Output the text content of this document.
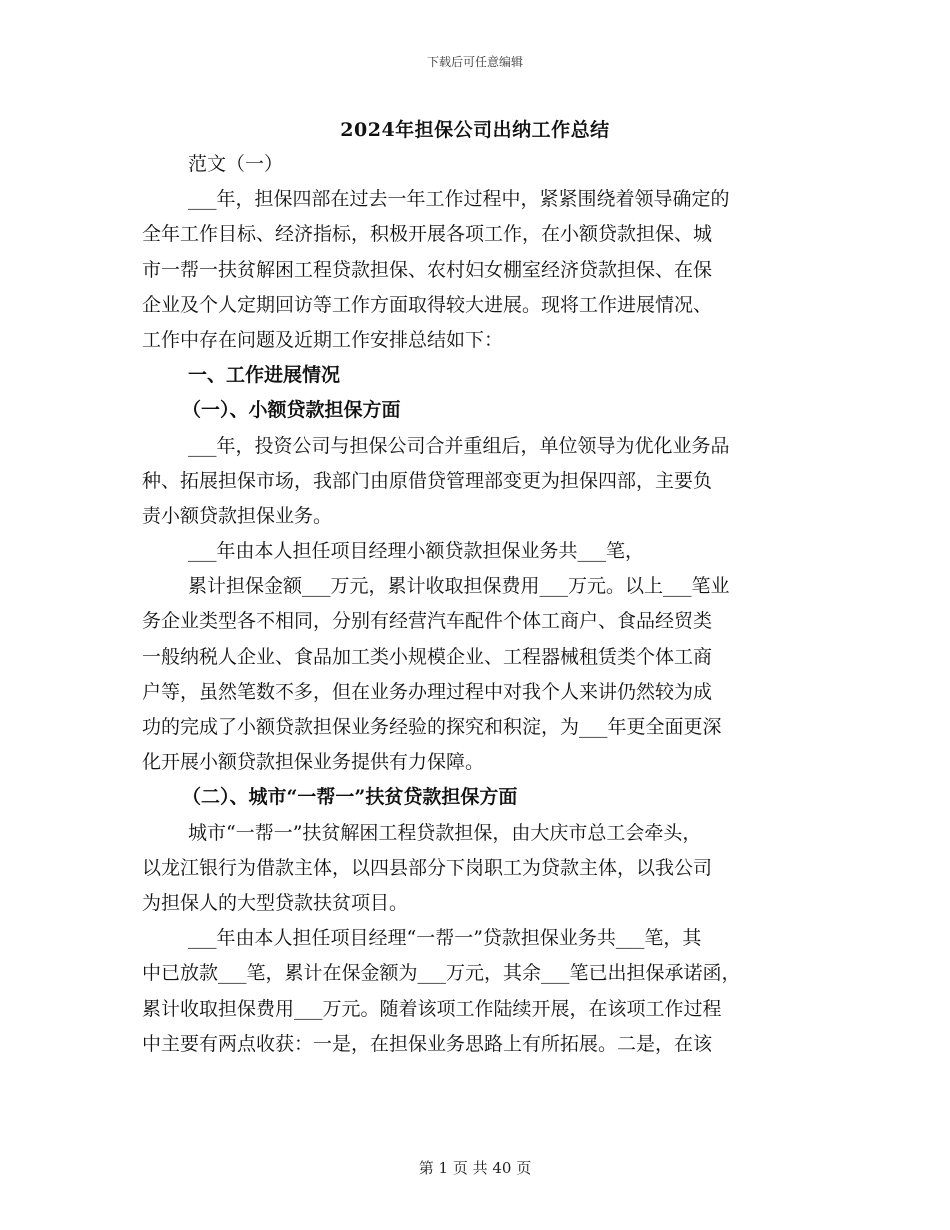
下载后可任意编辑
2024年担保公司出纳工作总结
范文（一）
___年，担保四部在过去一年工作过程中，紧紧围绕着领导确定的
全年工作目标、经济指标，积极开展各项工作，在小额贷款担保、城
市一帮一扶贫解困工程贷款担保、农村妇女棚室经济贷款担保、在保
企业及个人定期回访等工作方面取得较大进展。现将工作进展情况、
工作中存在问题及近期工作安排总结如下：
一、工作进展情况
（一）、小额贷款担保方面
___年，投资公司与担保公司合并重组后，单位领导为优化业务品
种、拓展担保市场，我部门由原借贷管理部变更为担保四部，主要负
责小额贷款担保业务。
___年由本人担任项目经理小额贷款担保业务共___笔，
累计担保金额___万元，累计收取担保费用___万元。以上___笔业
务企业类型各不相同，分别有经营汽车配件个体工商户、食品经贸类
一般纳税人企业、食品加工类小规模企业、工程器械租赁类个体工商
户等，虽然笔数不多，但在业务办理过程中对我个人来讲仍然较为成
功的完成了小额贷款担保业务经验的探究和积淀，为___年更全面更深
化开展小额贷款担保业务提供有力保障。
（二）、城市“一帮一”扶贫贷款担保方面
城市“一帮一”扶贫解困工程贷款担保，由大庆市总工会牵头，
以龙江银行为借款主体，以四县部分下岗职工为贷款主体，以我公司
为担保人的大型贷款扶贫项目。
___年由本人担任项目经理“一帮一”贷款担保业务共___笔，其
中已放款___笔，累计在保金额为___万元，其余___笔已出担保承诺函，
累计收取担保费用___万元。随着该项工作陆续开展，在该项工作过程
中主要有两点收获：一是，在担保业务思路上有所拓展。二是，在该
第 1 页 共 40 页
